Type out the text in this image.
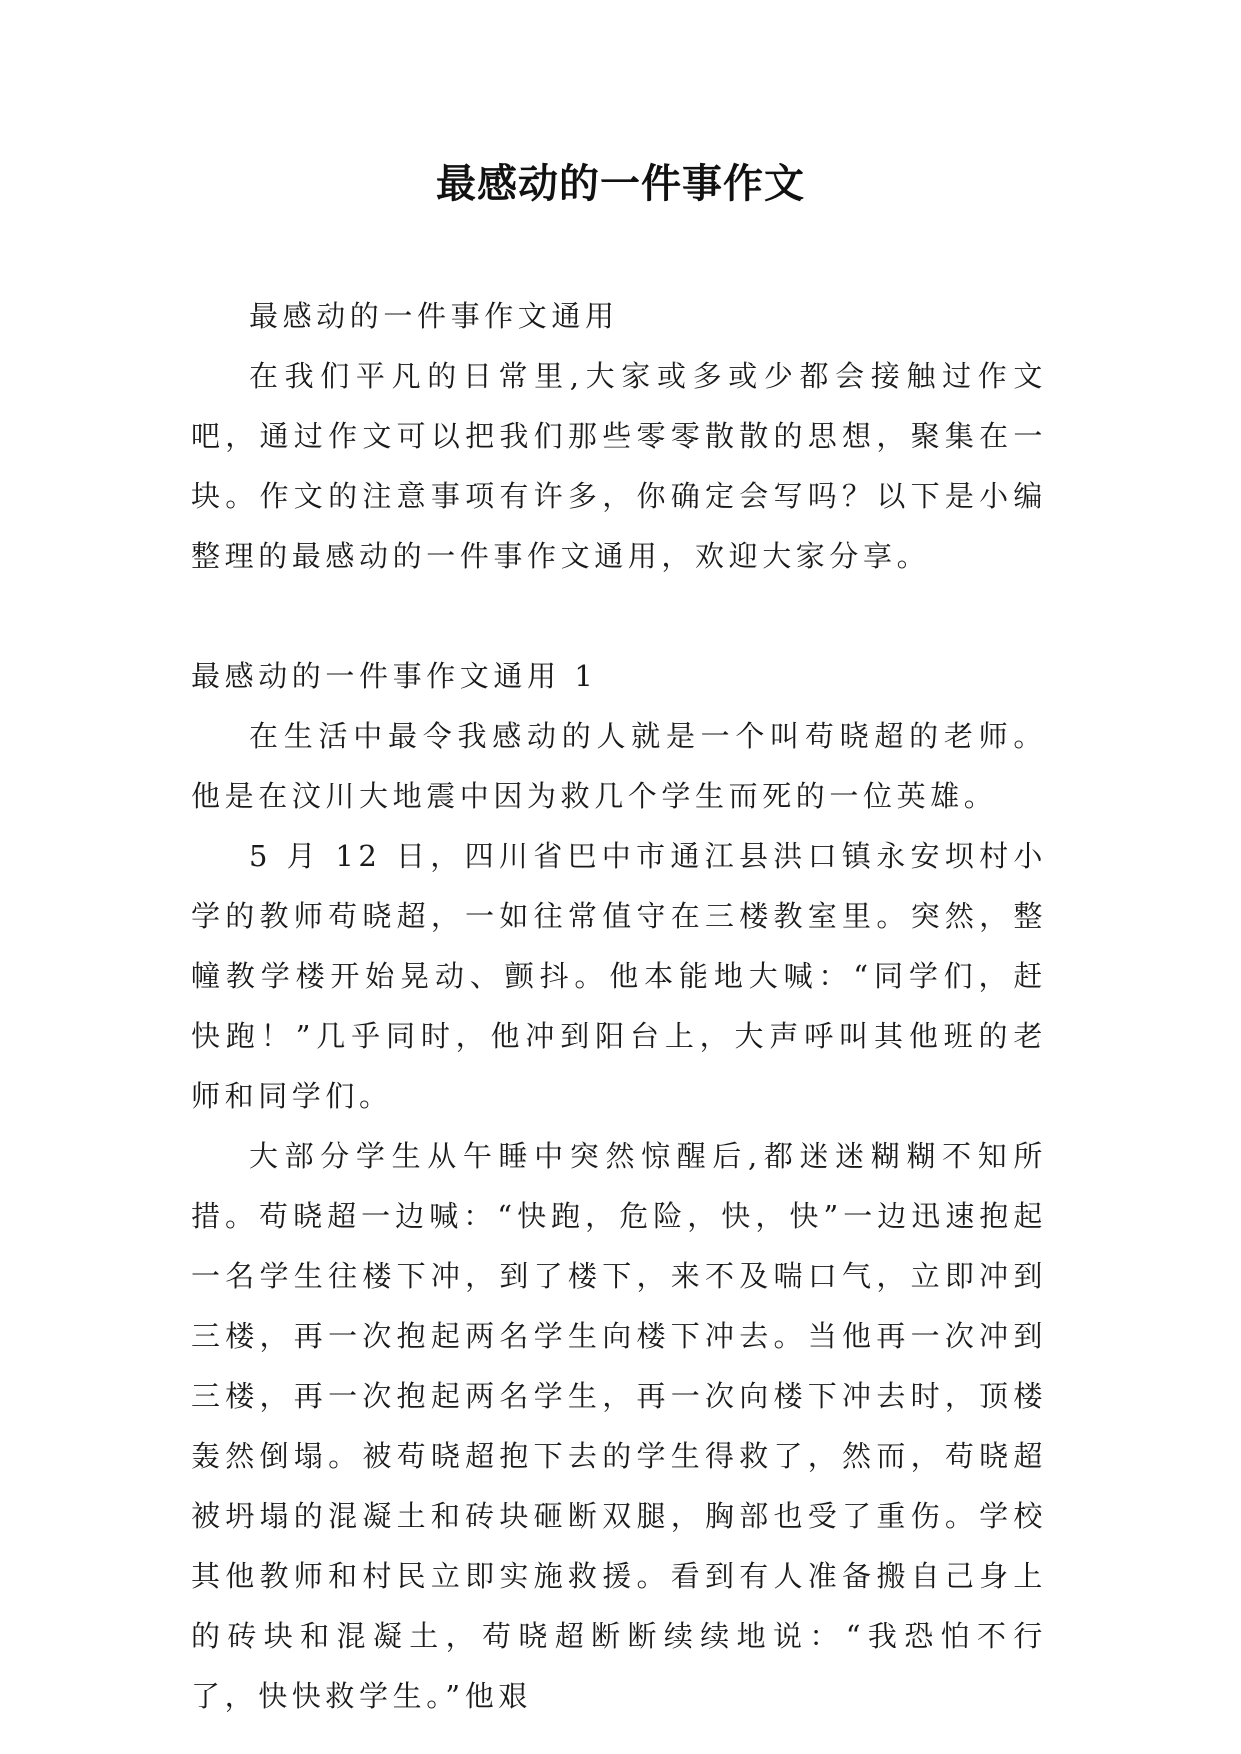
最感动的一件事作文

最感动的一件事作文通用

在我们平凡的日常里,大家或多或少都会接触过作文吧，通过作文可以把我们那些零零散散的思想，聚集在一块。作文的注意事项有许多，你确定会写吗？以下是小编整理的最感动的一件事作文通用，欢迎大家分享。

最感动的一件事作文通用 1

在生活中最令我感动的人就是一个叫苟晓超的老师。他是在汶川大地震中因为救几个学生而死的一位英雄。

5 月 12 日，四川省巴中市通江县洪口镇永安坝村小学的教师苟晓超，一如往常值守在三楼教室里。突然，整幢教学楼开始晃动、颤抖。他本能地大喊：“同学们，赶快跑！”几乎同时，他冲到阳台上，大声呼叫其他班的老师和同学们。

大部分学生从午睡中突然惊醒后,都迷迷糊糊不知所措。苟晓超一边喊：“快跑，危险，快，快”一边迅速抱起一名学生往楼下冲，到了楼下，来不及喘口气，立即冲到三楼，再一次抱起两名学生向楼下冲去。当他再一次冲到三楼，再一次抱起两名学生，再一次向楼下冲去时，顶楼轰然倒塌。被苟晓超抱下去的学生得救了，然而，苟晓超被坍塌的混凝土和砖块砸断双腿，胸部也受了重伤。学校其他教师和村民立即实施救援。看到有人准备搬自己身上的砖块和混凝土，苟晓超断断续续地说：“我恐怕不行了，快快救学生。”他艰
